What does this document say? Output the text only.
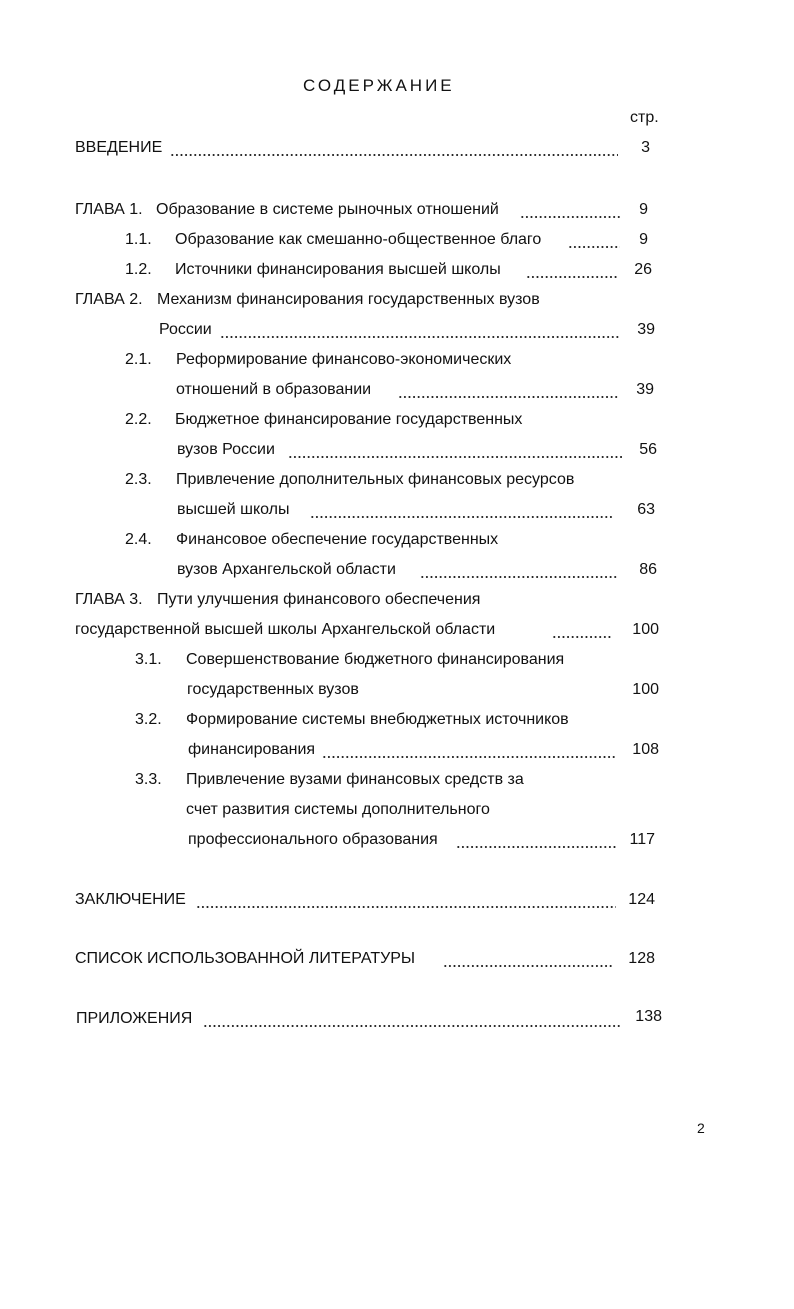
СОДЕРЖАНИЕ
стр.
ВВЕДЕНИЕ	3
ГЛАВА 1. Образование в системе рыночных отношений	9
1.1. Образование как смешанно-общественное благо	9
1.2. Источники финансирования высшей школы	26
ГЛАВА 2. Механизм финансирования государственных вузов
России	39
2.1. Реформирование финансово-экономических
отношений в образовании	39
2.2. Бюджетное финансирование государственных
вузов России	56
2.3. Привлечение дополнительных финансовых ресурсов
высшей школы	63
2.4. Финансовое обеспечение государственных
вузов Архангельской области	86
ГЛАВА 3. Пути улучшения финансового обеспечения
государственной высшей школы Архангельской области	100
3.1. Совершенствование бюджетного финансирования
государственных вузов	100
3.2. Формирование системы внебюджетных источников
финансирования	108
3.3. Привлечение вузами финансовых средств за
счет развития системы дополнительного
профессионального образования	117
ЗАКЛЮЧЕНИЕ	124
СПИСОК ИСПОЛЬЗОВАННОЙ ЛИТЕРАТУРЫ	128
ПРИЛОЖЕНИЯ	138
2
